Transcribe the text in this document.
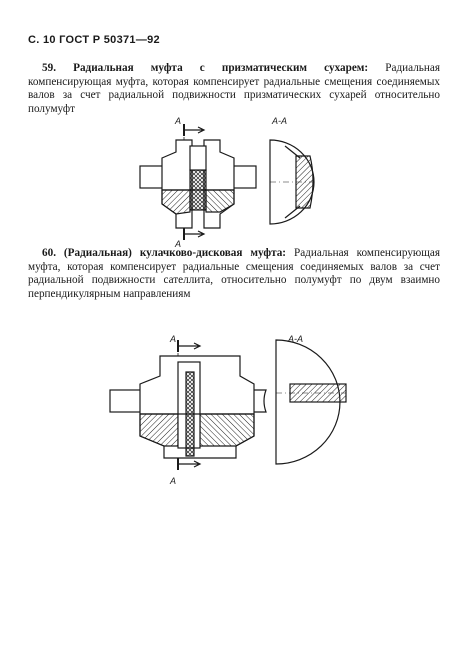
С. 10 ГОСТ Р 50371—92
59. Радиальная муфта с призматическим сухарем: Радиальная компенсирующая муфта, которая компенсирует радиальные смещения соединяемых валов за счет радиальной подвижности призматических сухарей относительно полумуфт
60. (Радиальная) кулачково-дисковая муфта: Радиальная компенсирующая муфта, которая компенсирует радиальные смещения соединяемых валов за счет радиальной подвижности сателлита, относительно полумуфт по двум взаимно перпендикулярным направлениям
A
A
А-А
A
A
А-А
